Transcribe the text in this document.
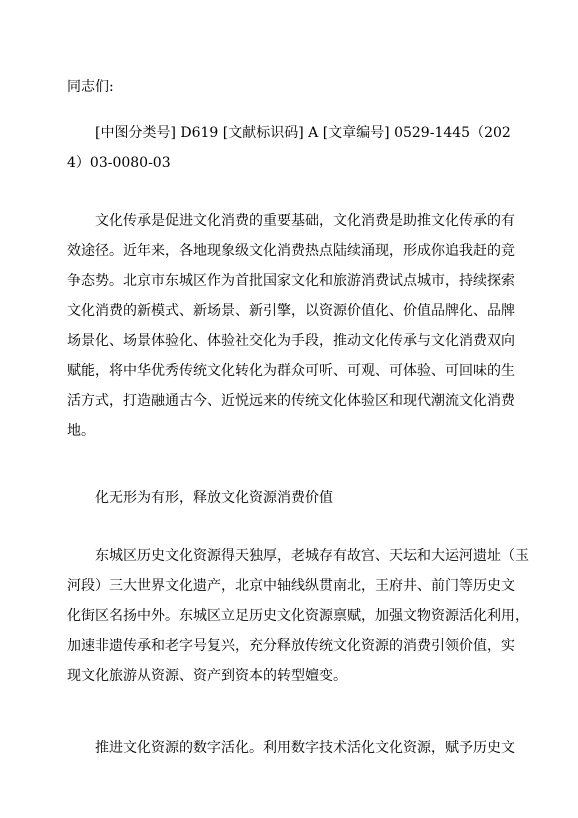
同志们:

[中图分类号] D619 [文献标识码] A [文章编号] 0529-1445（202
4）03-0080-03

文化传承是促进文化消费的重要基础，文化消费是助推文化传承的有
效途径。近年来，各地现象级文化消费热点陆续涌现，形成你追我赶的竞
争态势。北京市东城区作为首批国家文化和旅游消费试点城市，持续探索
文化消费的新模式、新场景、新引擎，以资源价值化、价值品牌化、品牌
场景化、场景体验化、体验社交化为手段，推动文化传承与文化消费双向
赋能，将中华优秀传统文化转化为群众可听、可观、可体验、可回味的生
活方式，打造融通古今、近悦远来的传统文化体验区和现代潮流文化消费
地。

化无形为有形，释放文化资源消费价值

东城区历史文化资源得天独厚，老城存有故宫、天坛和大运河遗址（玉
河段）三大世界文化遗产，北京中轴线纵贯南北，王府井、前门等历史文
化街区名扬中外。东城区立足历史文化资源禀赋，加强文物资源活化利用，
加速非遗传承和老字号复兴，充分释放传统文化资源的消费引领价值，实
现文化旅游从资源、资产到资本的转型嬗变。

推进文化资源的数字活化。利用数字技术活化文化资源，赋予历史文
